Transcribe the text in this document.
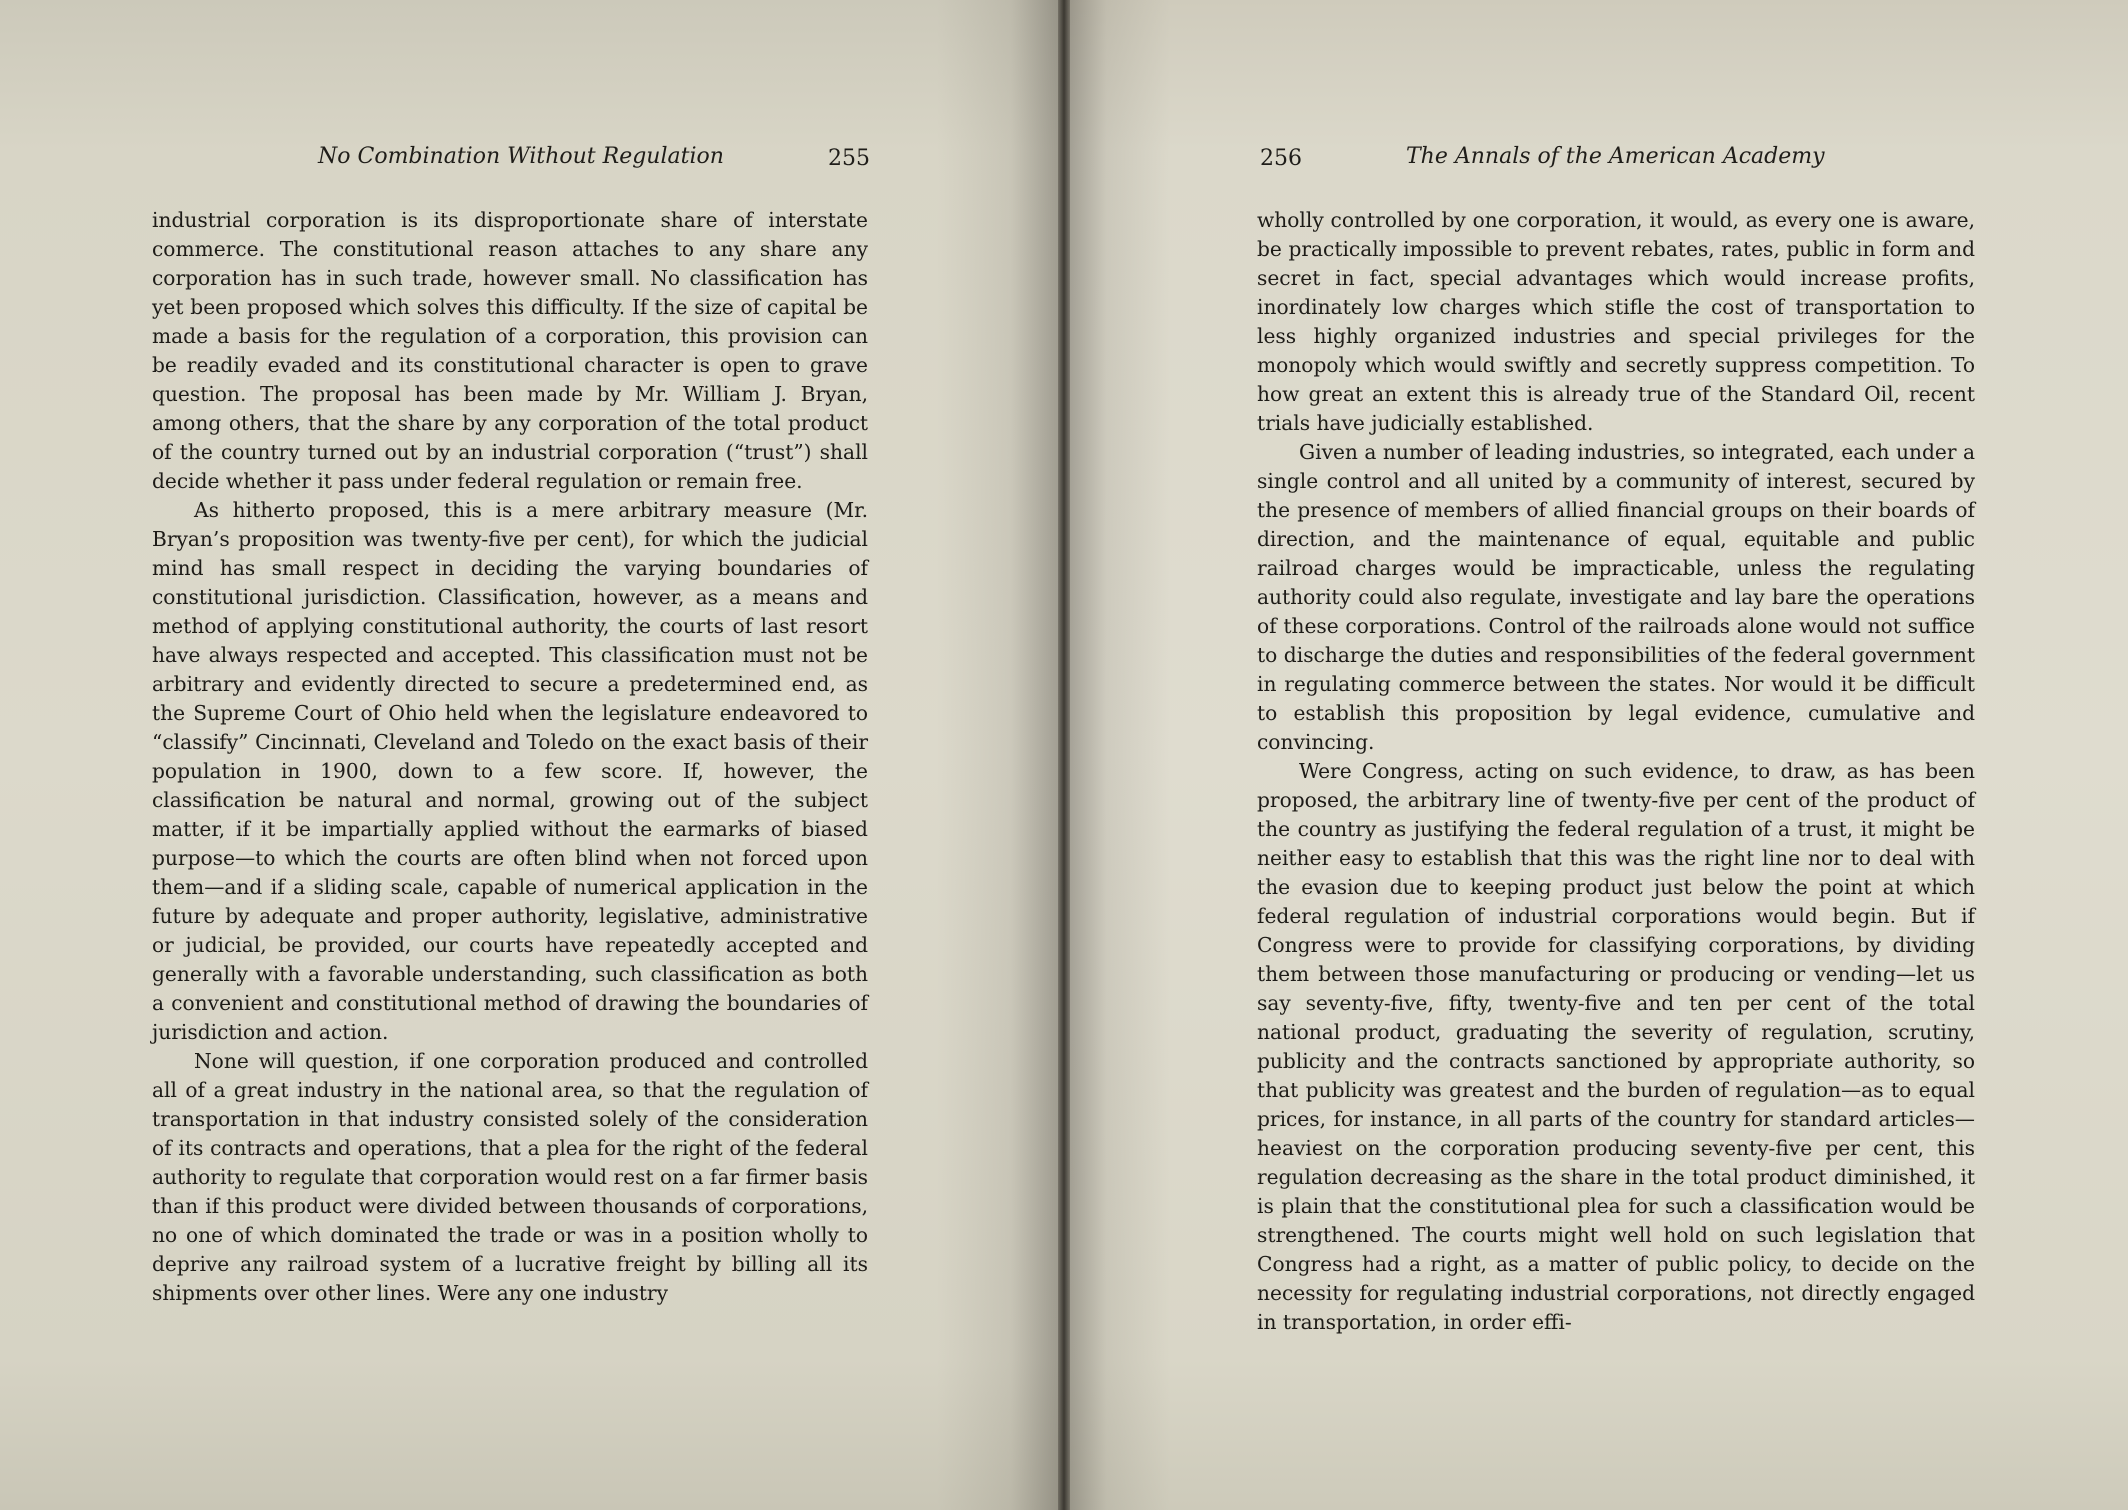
No Combination Without Regulation	255

industrial corporation is its disproportionate share of interstate commerce. The constitutional reason attaches to any share any corporation has in such trade, however small. No classification has yet been proposed which solves this difficulty. If the size of capital be made a basis for the regulation of a corporation, this provision can be readily evaded and its constitutional character is open to grave question. The proposal has been made by Mr. William J. Bryan, among others, that the share by any corporation of the total product of the country turned out by an industrial corporation (“trust”) shall decide whether it pass under federal regulation or remain free.

As hitherto proposed, this is a mere arbitrary measure (Mr. Bryan’s proposition was twenty-five per cent), for which the judicial mind has small respect in deciding the varying boundaries of constitutional jurisdiction. Classification, however, as a means and method of applying constitutional authority, the courts of last resort have always respected and accepted. This classification must not be arbitrary and evidently directed to secure a predetermined end, as the Supreme Court of Ohio held when the legislature endeavored to “classify” Cincinnati, Cleveland and Toledo on the exact basis of their population in 1900, down to a few score. If, however, the classification be natural and normal, growing out of the subject matter, if it be impartially applied without the earmarks of biased purpose—to which the courts are often blind when not forced upon them—and if a sliding scale, capable of numerical application in the future by adequate and proper authority, legislative, administrative or judicial, be provided, our courts have repeatedly accepted and generally with a favorable understanding, such classification as both a convenient and constitutional method of drawing the boundaries of jurisdiction and action.

None will question, if one corporation produced and controlled all of a great industry in the national area, so that the regulation of transportation in that industry consisted solely of the consideration of its contracts and operations, that a plea for the right of the federal authority to regulate that corporation would rest on a far firmer basis than if this product were divided between thousands of corporations, no one of which dominated the trade or was in a position wholly to deprive any railroad system of a lucrative freight by billing all its shipments over other lines. Were any one industry

256	The Annals of the American Academy

wholly controlled by one corporation, it would, as every one is aware, be practically impossible to prevent rebates, rates, public in form and secret in fact, special advantages which would increase profits, inordinately low charges which stifle the cost of transportation to less highly organized industries and special privileges for the monopoly which would swiftly and secretly suppress competition. To how great an extent this is already true of the Standard Oil, recent trials have judicially established.

Given a number of leading industries, so integrated, each under a single control and all united by a community of interest, secured by the presence of members of allied financial groups on their boards of direction, and the maintenance of equal, equitable and public railroad charges would be impracticable, unless the regulating authority could also regulate, investigate and lay bare the operations of these corporations. Control of the railroads alone would not suffice to discharge the duties and responsibilities of the federal government in regulating commerce between the states. Nor would it be difficult to establish this proposition by legal evidence, cumulative and convincing.

Were Congress, acting on such evidence, to draw, as has been proposed, the arbitrary line of twenty-five per cent of the product of the country as justifying the federal regulation of a trust, it might be neither easy to establish that this was the right line nor to deal with the evasion due to keeping product just below the point at which federal regulation of industrial corporations would begin. But if Congress were to provide for classifying corporations, by dividing them between those manufacturing or producing or vending—let us say seventy-five, fifty, twenty-five and ten per cent of the total national product, graduating the severity of regulation, scrutiny, publicity and the contracts sanctioned by appropriate authority, so that publicity was greatest and the burden of regulation—as to equal prices, for instance, in all parts of the country for standard articles—heaviest on the corporation producing seventy-five per cent, this regulation decreasing as the share in the total product diminished, it is plain that the constitutional plea for such a classification would be strengthened. The courts might well hold on such legislation that Congress had a right, as a matter of public policy, to decide on the necessity for regulating industrial corporations, not directly engaged in transportation, in order effi-
